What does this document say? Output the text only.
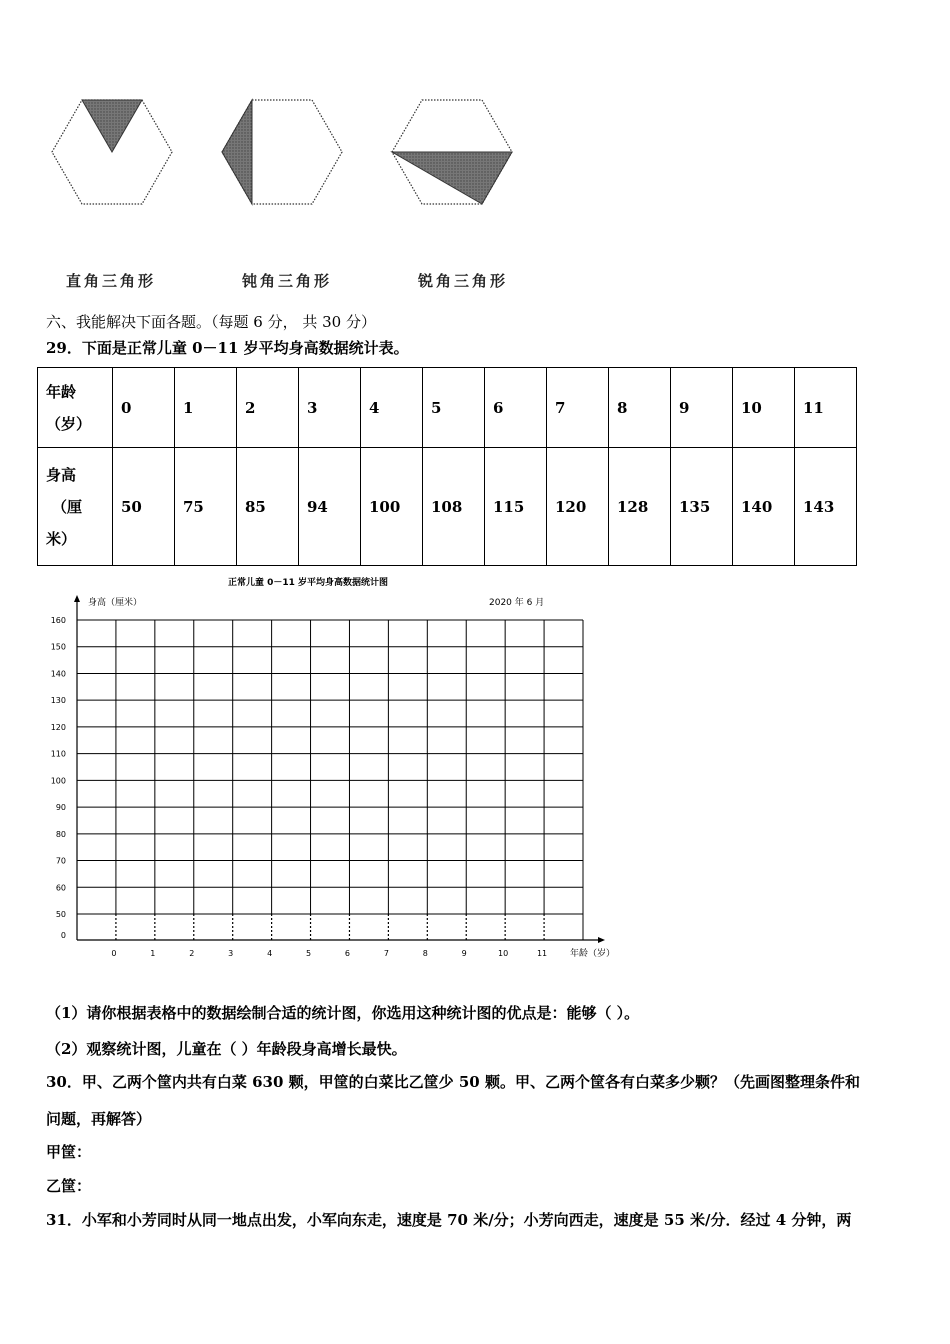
直角三角形	钝角三角形	锐角三角形
六、我能解决下面各题。（每题 6 分， 共 30 分）
29．下面是正常儿童 0－11 岁平均身高数据统计表。
年龄
（岁）	0	1	2	3	4	5	6	7	8	9	10	11

身高
（厘
米）	50	75	85	94	100	108	115	120	128	135	140	143
正常儿童 0－11 岁平均身高数据统计图
身高（厘米）	2020 年 6 月
年龄（岁）
0
50
60
70
80
90
100
110
120
130
140
150
160
0	1	2	3	4	5	6	7	8	9	10	11
（1）请你根据表格中的数据绘制合适的统计图，你选用这种统计图的优点是：能够（ ）。
（2）观察统计图，儿童在（ ）年龄段身高增长最快。
30．甲、乙两个筐内共有白菜 630 颗，甲筐的白菜比乙筐少 50 颗。甲、乙两个筐各有白菜多少颗？（先画图整理条件和
问题，再解答）
甲筐：
乙筐：
31．小军和小芳同时从同一地点出发，小军向东走，速度是 70 米/分；小芳向西走，速度是 55 米/分．经过 4 分钟，两
